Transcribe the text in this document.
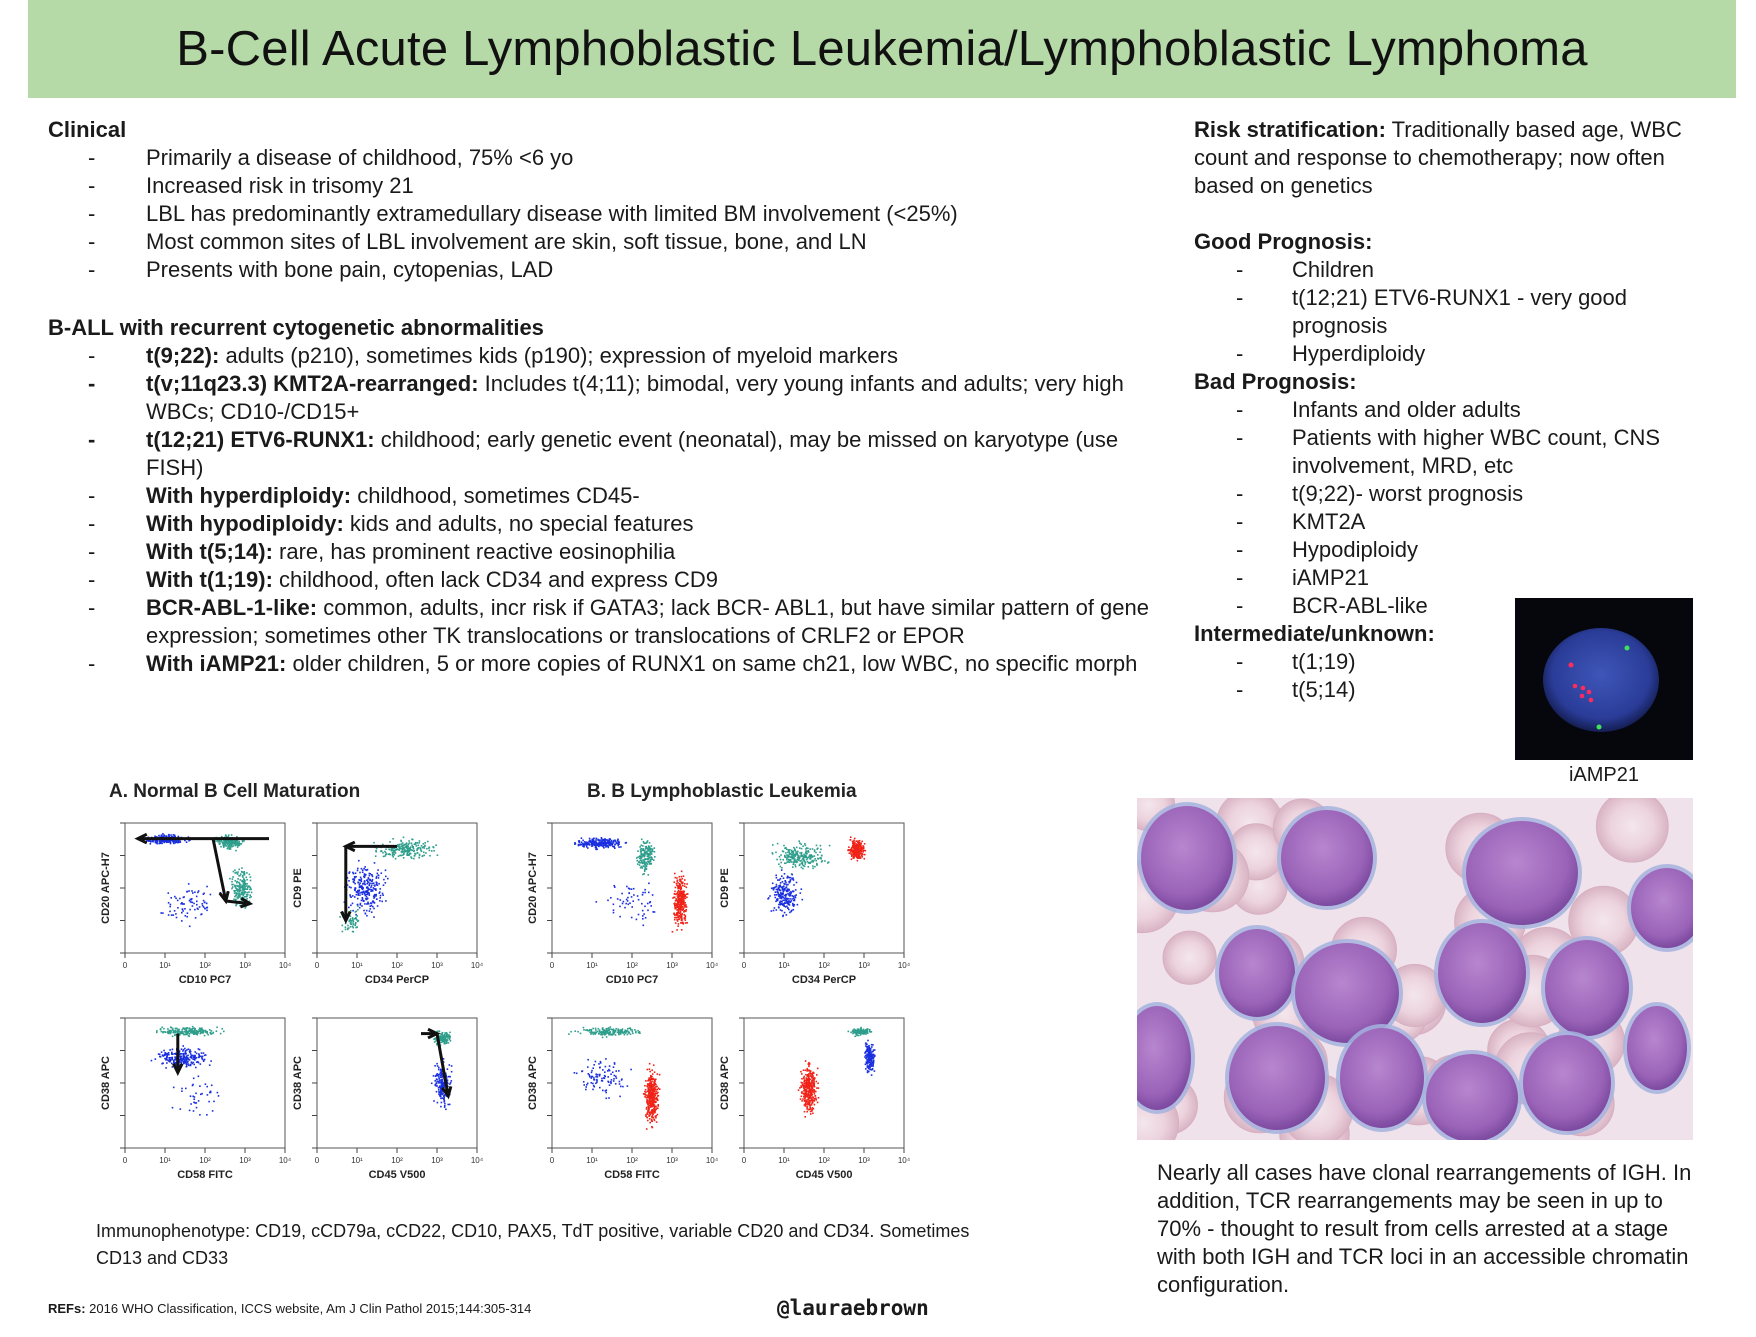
B-Cell Acute Lymphoblastic Leukemia/Lymphoblastic Lymphoma
Clinical
- Primarily a disease of childhood, 75% <6 yo
- Increased risk in trisomy 21
- LBL has predominantly extramedullary disease with limited BM involvement (<25%)
- Most common sites of LBL involvement are skin, soft tissue, bone, and LN
- Presents with bone pain, cytopenias, LAD
B-ALL with recurrent cytogenetic abnormalities
- t(9;22): adults (p210), sometimes kids (p190); expression of myeloid markers
- t(v;11q23.3) KMT2A-rearranged: Includes t(4;11); bimodal, very young infants and adults; very high WBCs; CD10-/CD15+
- t(12;21) ETV6-RUNX1: childhood; early genetic event (neonatal), may be missed on karyotype (use FISH)
- With hyperdiploidy: childhood, sometimes CD45-
- With hypodiploidy: kids and adults, no special features
- With t(5;14): rare, has prominent reactive eosinophilia
- With t(1;19): childhood, often lack CD34 and express CD9
- BCR-ABL-1-like: common, adults, incr risk if GATA3; lack BCR- ABL1, but have similar pattern of gene expression; sometimes other TK translocations or translocations of CRLF2 or EPOR
- With iAMP21: older children, 5 or more copies of RUNX1 on same ch21, low WBC, no specific morph
Risk stratification: Traditionally based age, WBC count and response to chemotherapy; now often based on genetics
Good Prognosis:
- Children
- t(12;21) ETV6-RUNX1 - very good prognosis
- Hyperdiploidy
Bad Prognosis:
- Infants and older adults
- Patients with higher WBC count, CNS involvement, MRD, etc
- t(9;22)- worst prognosis
- KMT2A
- Hypodiploidy
- iAMP21
- BCR-ABL-like
Intermediate/unknown:
- t(1;19)
- t(5;14)
iAMP21
A. Normal B Cell Maturation	B. B Lymphoblastic Leukemia
0	10¹	10²	10³	10⁴
CD10 PC7
CD20 APC-H7
0	10¹	10²	10³	10⁴
CD34 PerCP
CD9 PE
0	10¹	10²	10³	10⁴
CD58 FITC
CD38 APC
0	10¹	10²	10³	10⁴
CD45 V500
CD38 APC
0	10¹	10²	10³	10⁴
CD10 PC7
CD20 APC-H7
0	10¹	10²	10³	10⁴
CD34 PerCP
CD9 PE
0	10¹	10²	10³	10⁴
CD58 FITC
CD38 APC
0	10¹	10²	10³	10⁴
CD45 V500
CD38 APC
Immunophenotype: CD19, cCD79a, cCD22, CD10, PAX5, TdT positive, variable CD20 and CD34. Sometimes CD13 and CD33
Nearly all cases have clonal rearrangements of IGH. In addition, TCR rearrangements may be seen in up to 70% - thought to result from cells arrested at a stage with both IGH and TCR loci in an accessible chromatin configuration.
REFs: 2016 WHO Classification, ICCS website, Am J Clin Pathol 2015;144:305-314	@lauraebrown
